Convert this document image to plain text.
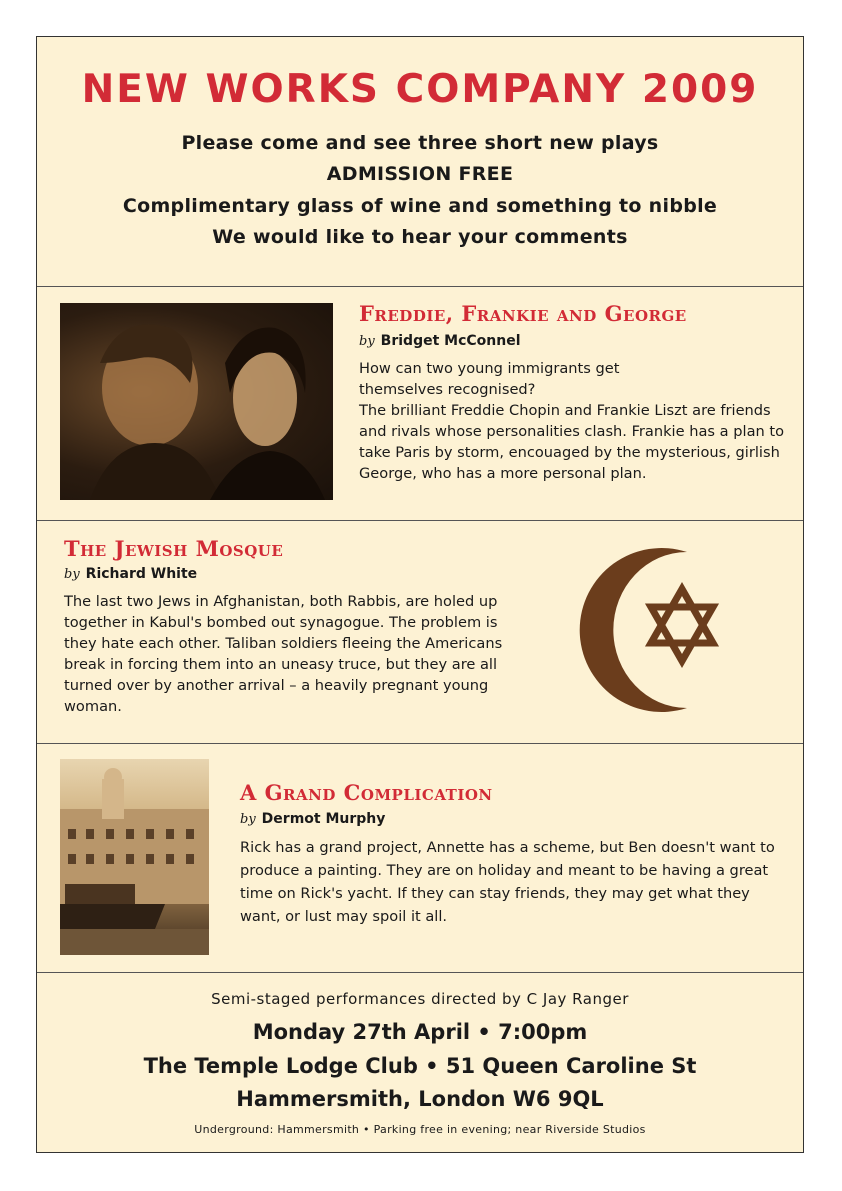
NEW WORKS COMPANY 2009
Please come and see three short new plays
ADMISSION FREE
Complimentary glass of wine and something to nibble
We would like to hear your comments
Freddie, Frankie and George
by Bridget McConnel

How can two young immigrants get themselves recognised?

The brilliant Freddie Chopin and Frankie Liszt are friends and rivals whose personalities clash. Frankie has a plan to take Paris by storm, encouaged by the mysterious, girlish George, who has a more personal plan.

The Jewish Mosque
by Richard White

The last two Jews in Afghanistan, both Rabbis, are holed up together in Kabul's bombed out synagogue. The problem is they hate each other. Taliban soldiers fleeing the Americans break in forcing them into an uneasy truce, but they are all turned over by another arrival – a heavily pregnant young woman.

A Grand Complication
by Dermot Murphy

Rick has a grand project, Annette has a scheme, but Ben doesn't want to produce a painting. They are on holiday and meant to be having a great time on Rick's yacht. If they can stay friends, they may get what they want, or lust may spoil it all.

Semi-staged performances directed by C Jay Ranger
Monday 27th April • 7:00pm
The Temple Lodge Club • 51 Queen Caroline St
Hammersmith, London W6 9QL
Underground: Hammersmith • Parking free in evening; near Riverside Studios
